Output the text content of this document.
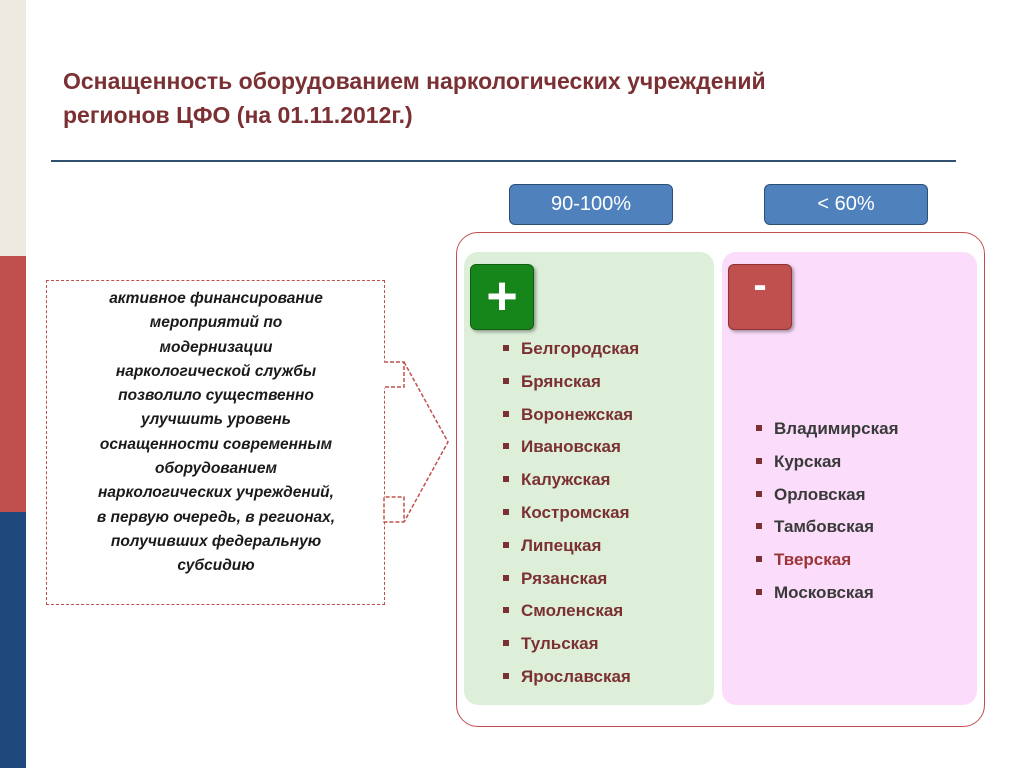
Оснащенность оборудованием наркологических учреждений
регионов ЦФО (на 01.11.2012г.)
90-100%	< 60%
+	-
Белгородская
Брянская
Воронежская
Ивановская
Калужская
Костромская
Липецкая
Рязанская
Смоленская
Тульская
Ярославская
Владимирская
Курская
Орловская
Тамбовская
Тверская
Московская
активное финансирование
мероприятий по
модернизации
наркологической службы
позволило существенно
улучшить уровень
оснащенности современным
оборудованием
наркологических учреждений,
в первую очередь, в регионах,
получивших федеральную
субсидию
